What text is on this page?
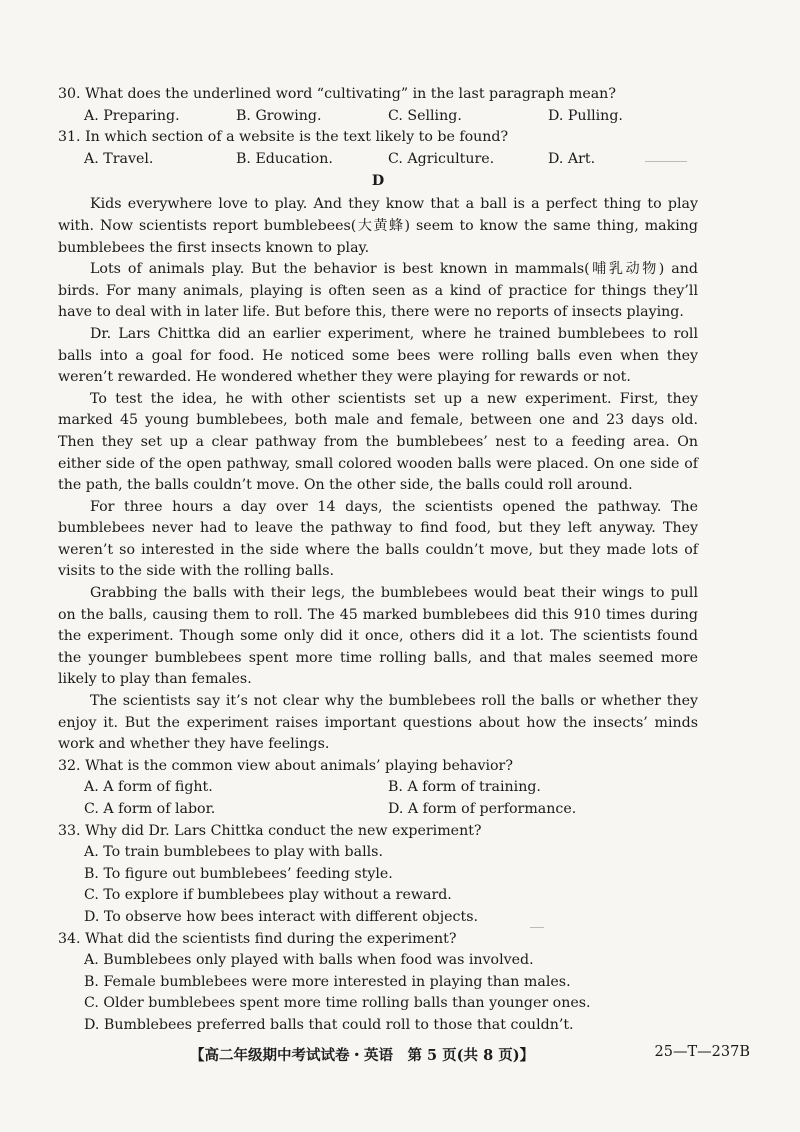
30. What does the underlined word “cultivating” in the last paragraph mean?
A. Preparing.	B. Growing.	C. Selling.	D. Pulling.
31. In which section of a website is the text likely to be found?
A. Travel.	B. Education.	C. Agriculture.	D. Art.
D

Kids everywhere love to play. And they know that a ball is a perfect thing to play with. Now scientists report bumblebees(大黄蜂) seem to know the same thing, making bumblebees the first insects known to play.

Lots of animals play. But the behavior is best known in mammals(哺乳动物) and birds. For many animals, playing is often seen as a kind of practice for things they’ll have to deal with in later life. But before this, there were no reports of insects playing.

Dr. Lars Chittka did an earlier experiment, where he trained bumblebees to roll balls into a goal for food. He noticed some bees were rolling balls even when they weren’t rewarded. He wondered whether they were playing for rewards or not.

To test the idea, he with other scientists set up a new experiment. First, they marked 45 young bumblebees, both male and female, between one and 23 days old. Then they set up a clear pathway from the bumblebees’ nest to a feeding area. On either side of the open pathway, small colored wooden balls were placed. On one side of the path, the balls couldn’t move. On the other side, the balls could roll around.

For three hours a day over 14 days, the scientists opened the pathway. The bumblebees never had to leave the pathway to find food, but they left anyway. They weren’t so interested in the side where the balls couldn’t move, but they made lots of visits to the side with the rolling balls.

Grabbing the balls with their legs, the bumblebees would beat their wings to pull on the balls, causing them to roll. The 45 marked bumblebees did this 910 times during the experiment. Though some only did it once, others did it a lot. The scientists found the younger bumblebees spent more time rolling balls, and that males seemed more likely to play than females.

The scientists say it’s not clear why the bumblebees roll the balls or whether they enjoy it. But the experiment raises important questions about how the insects’ minds work and whether they have feelings.

32. What is the common view about animals’ playing behavior?
A. A form of fight.	B. A form of training.
C. A form of labor.	D. A form of performance.
33. Why did Dr. Lars Chittka conduct the new experiment?
A. To train bumblebees to play with balls.
B. To figure out bumblebees’ feeding style.
C. To explore if bumblebees play without a reward.
D. To observe how bees interact with different objects.
34. What did the scientists find during the experiment?
A. Bumblebees only played with balls when food was involved.
B. Female bumblebees were more interested in playing than males.
C. Older bumblebees spent more time rolling balls than younger ones.
D. Bumblebees preferred balls that could roll to those that couldn’t.
【高二年级期中考试试卷・英语　第 5 页(共 8 页)】	25—T—237B
